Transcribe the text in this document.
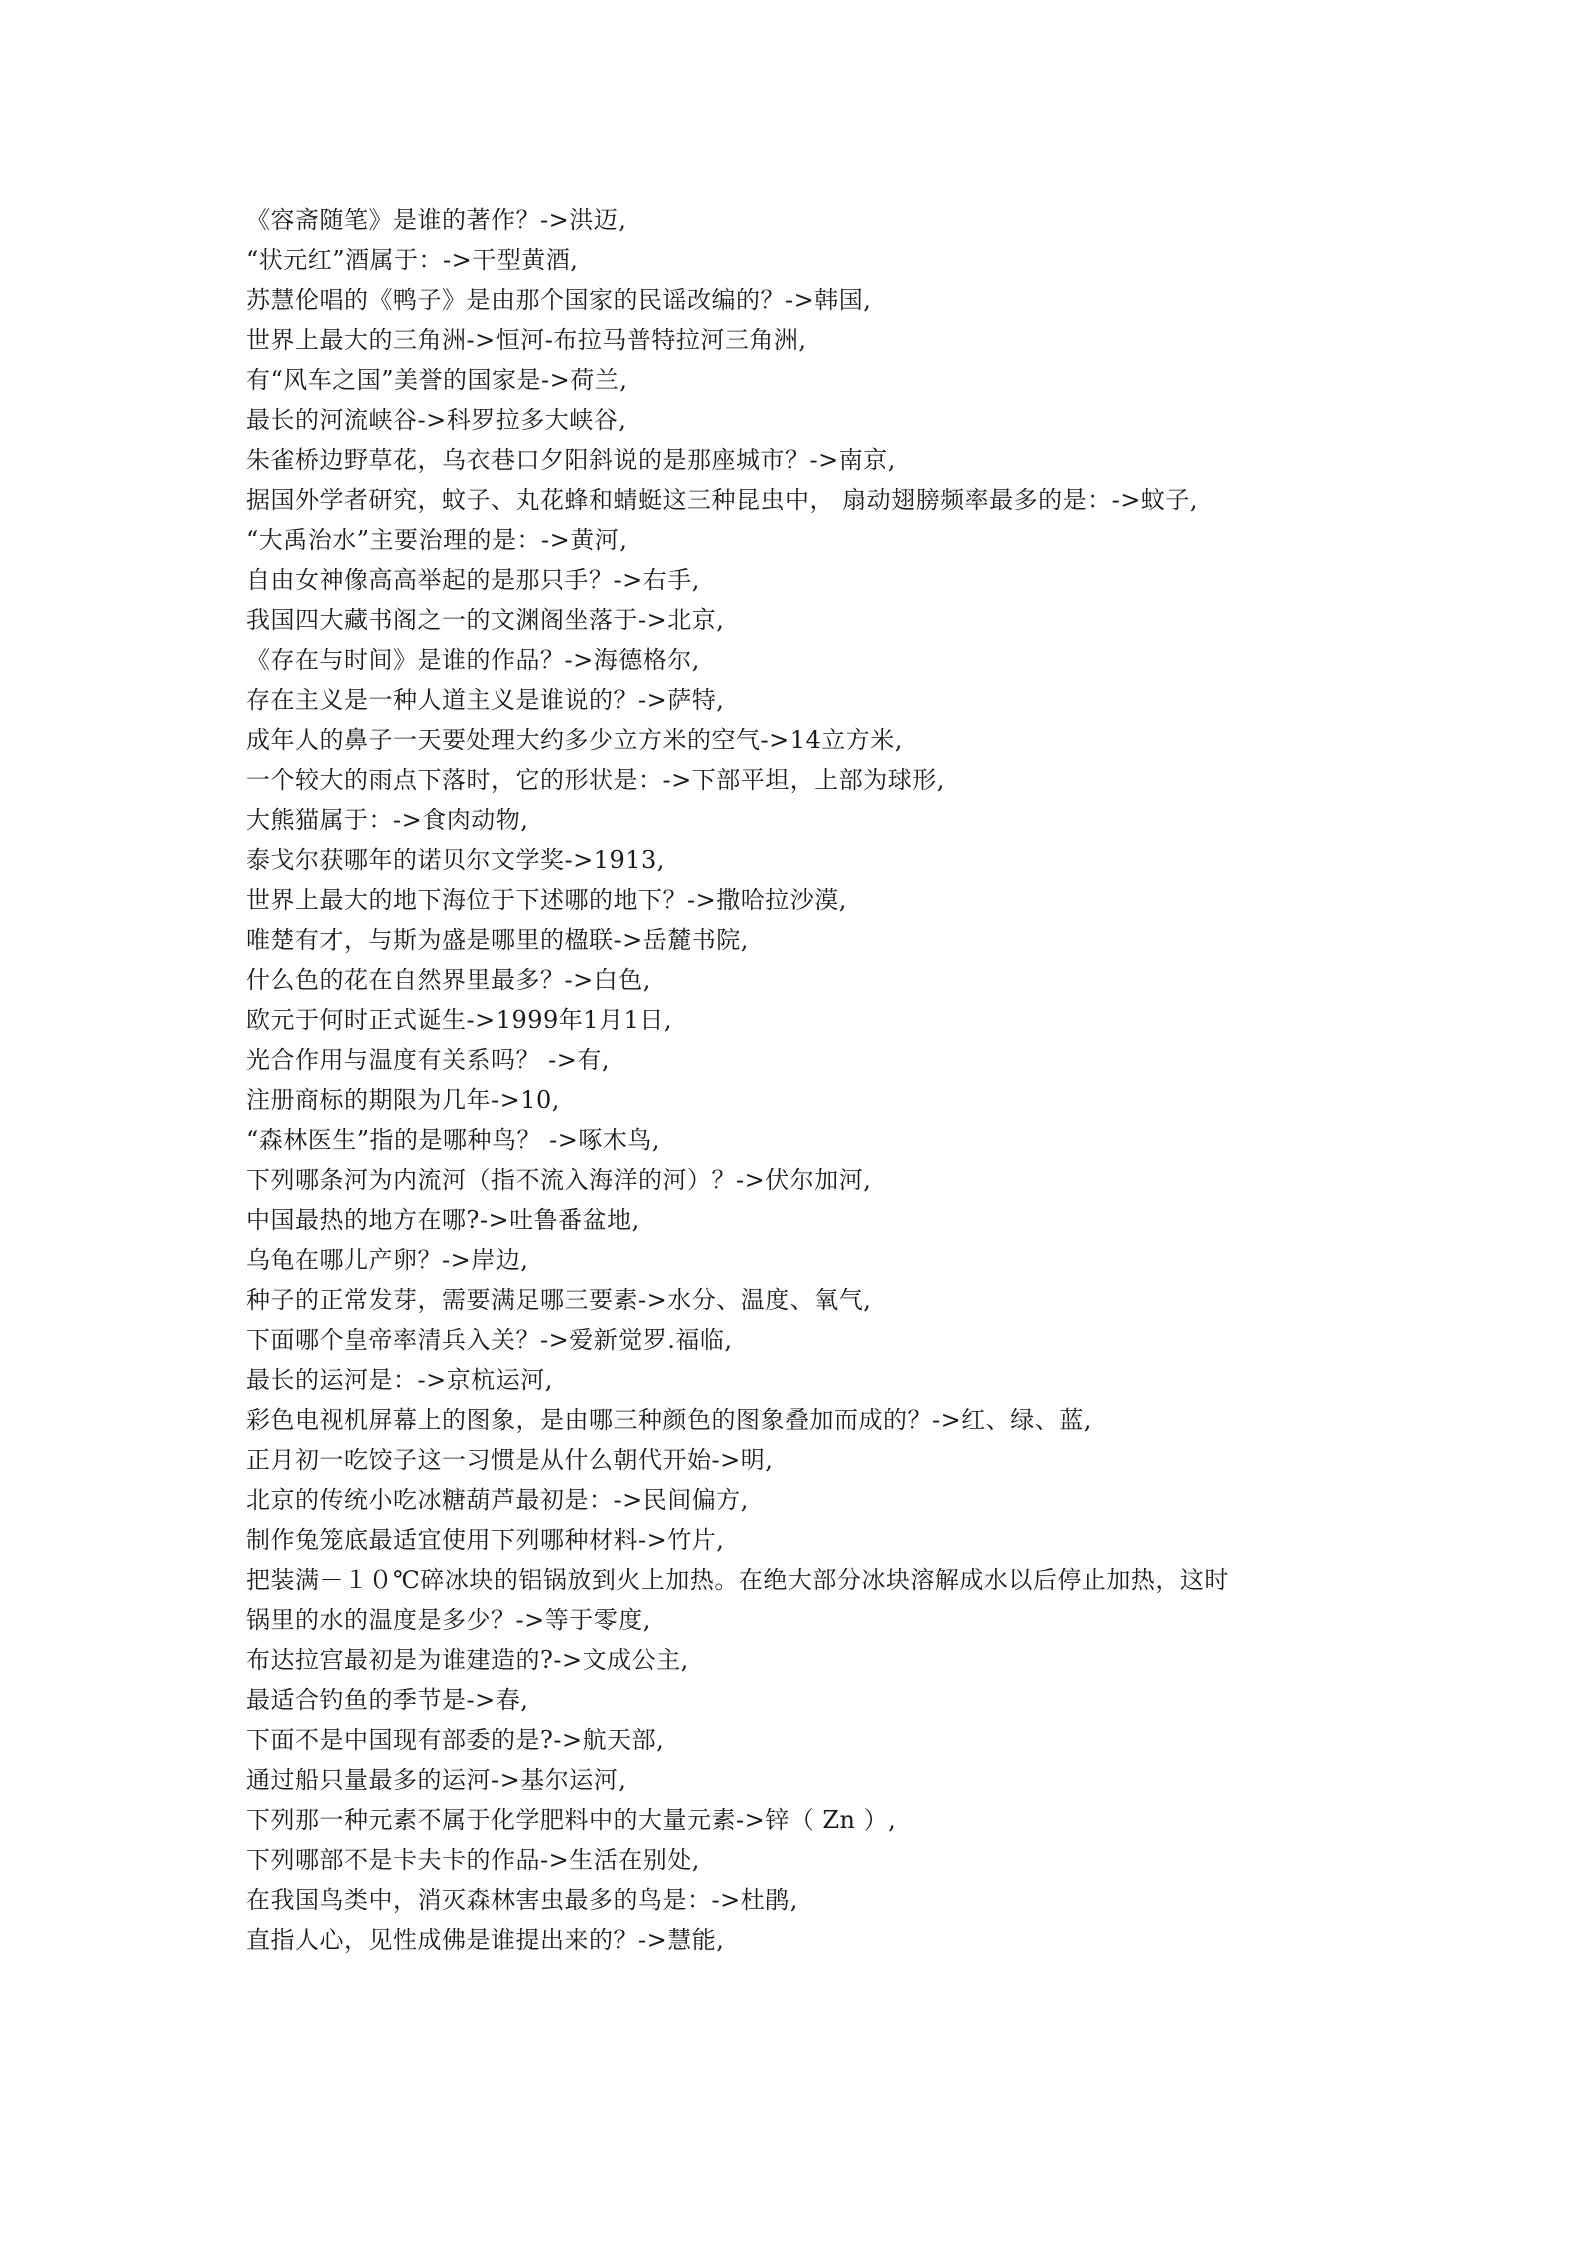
《容斋随笔》是谁的著作？->洪迈,
“状元红”酒属于：->干型黄酒,
苏慧伦唱的《鸭子》是由那个国家的民谣改编的？->韩国,
世界上最大的三角洲->恒河-布拉马普特拉河三角洲,
有“风车之国”美誉的国家是->荷兰,
最长的河流峡谷->科罗拉多大峡谷,
朱雀桥边野草花，乌衣巷口夕阳斜说的是那座城市？->南京,
据国外学者研究，蚊子、丸花蜂和蜻蜓这三种昆虫中， 扇动翅膀频率最多的是：->蚊子,
“大禹治水”主要治理的是：->黄河,
自由女神像高高举起的是那只手？->右手,
我国四大藏书阁之一的文渊阁坐落于->北京,
《存在与时间》是谁的作品？->海德格尔,
存在主义是一种人道主义是谁说的？->萨特,
成年人的鼻子一天要处理大约多少立方米的空气->14立方米,
一个较大的雨点下落时，它的形状是：->下部平坦，上部为球形,
大熊猫属于：->食肉动物,
泰戈尔获哪年的诺贝尔文学奖->1913,
世界上最大的地下海位于下述哪的地下？->撒哈拉沙漠,
唯楚有才，与斯为盛是哪里的楹联->岳麓书院,
什么色的花在自然界里最多？->白色,
欧元于何时正式诞生->1999年1月1日,
光合作用与温度有关系吗？ ->有,
注册商标的期限为几年->10,
“森林医生”指的是哪种鸟？ ->啄木鸟,
下列哪条河为内流河（指不流入海洋的河）？->伏尔加河,
中国最热的地方在哪?->吐鲁番盆地,
乌龟在哪儿产卵？->岸边,
种子的正常发芽，需要满足哪三要素->水分、温度、氧气,
下面哪个皇帝率清兵入关？->爱新觉罗.福临,
最长的运河是：->京杭运河,
彩色电视机屏幕上的图象，是由哪三种颜色的图象叠加而成的？->红、绿、蓝,
正月初一吃饺子这一习惯是从什么朝代开始->明,
北京的传统小吃冰糖葫芦最初是：->民间偏方,
制作兔笼底最适宜使用下列哪种材料->竹片,
把装满－１０℃碎冰块的铝锅放到火上加热。在绝大部分冰块溶解成水以后停止加热，这时
锅里的水的温度是多少？->等于零度,
布达拉宫最初是为谁建造的?->文成公主,
最适合钓鱼的季节是->春,
下面不是中国现有部委的是?->航天部,
通过船只量最多的运河->基尔运河,
下列那一种元素不属于化学肥料中的大量元素->锌（ Zn ）,
下列哪部不是卡夫卡的作品->生活在别处,
在我国鸟类中，消灭森林害虫最多的鸟是：->杜鹃,
直指人心，见性成佛是谁提出来的？->慧能,
